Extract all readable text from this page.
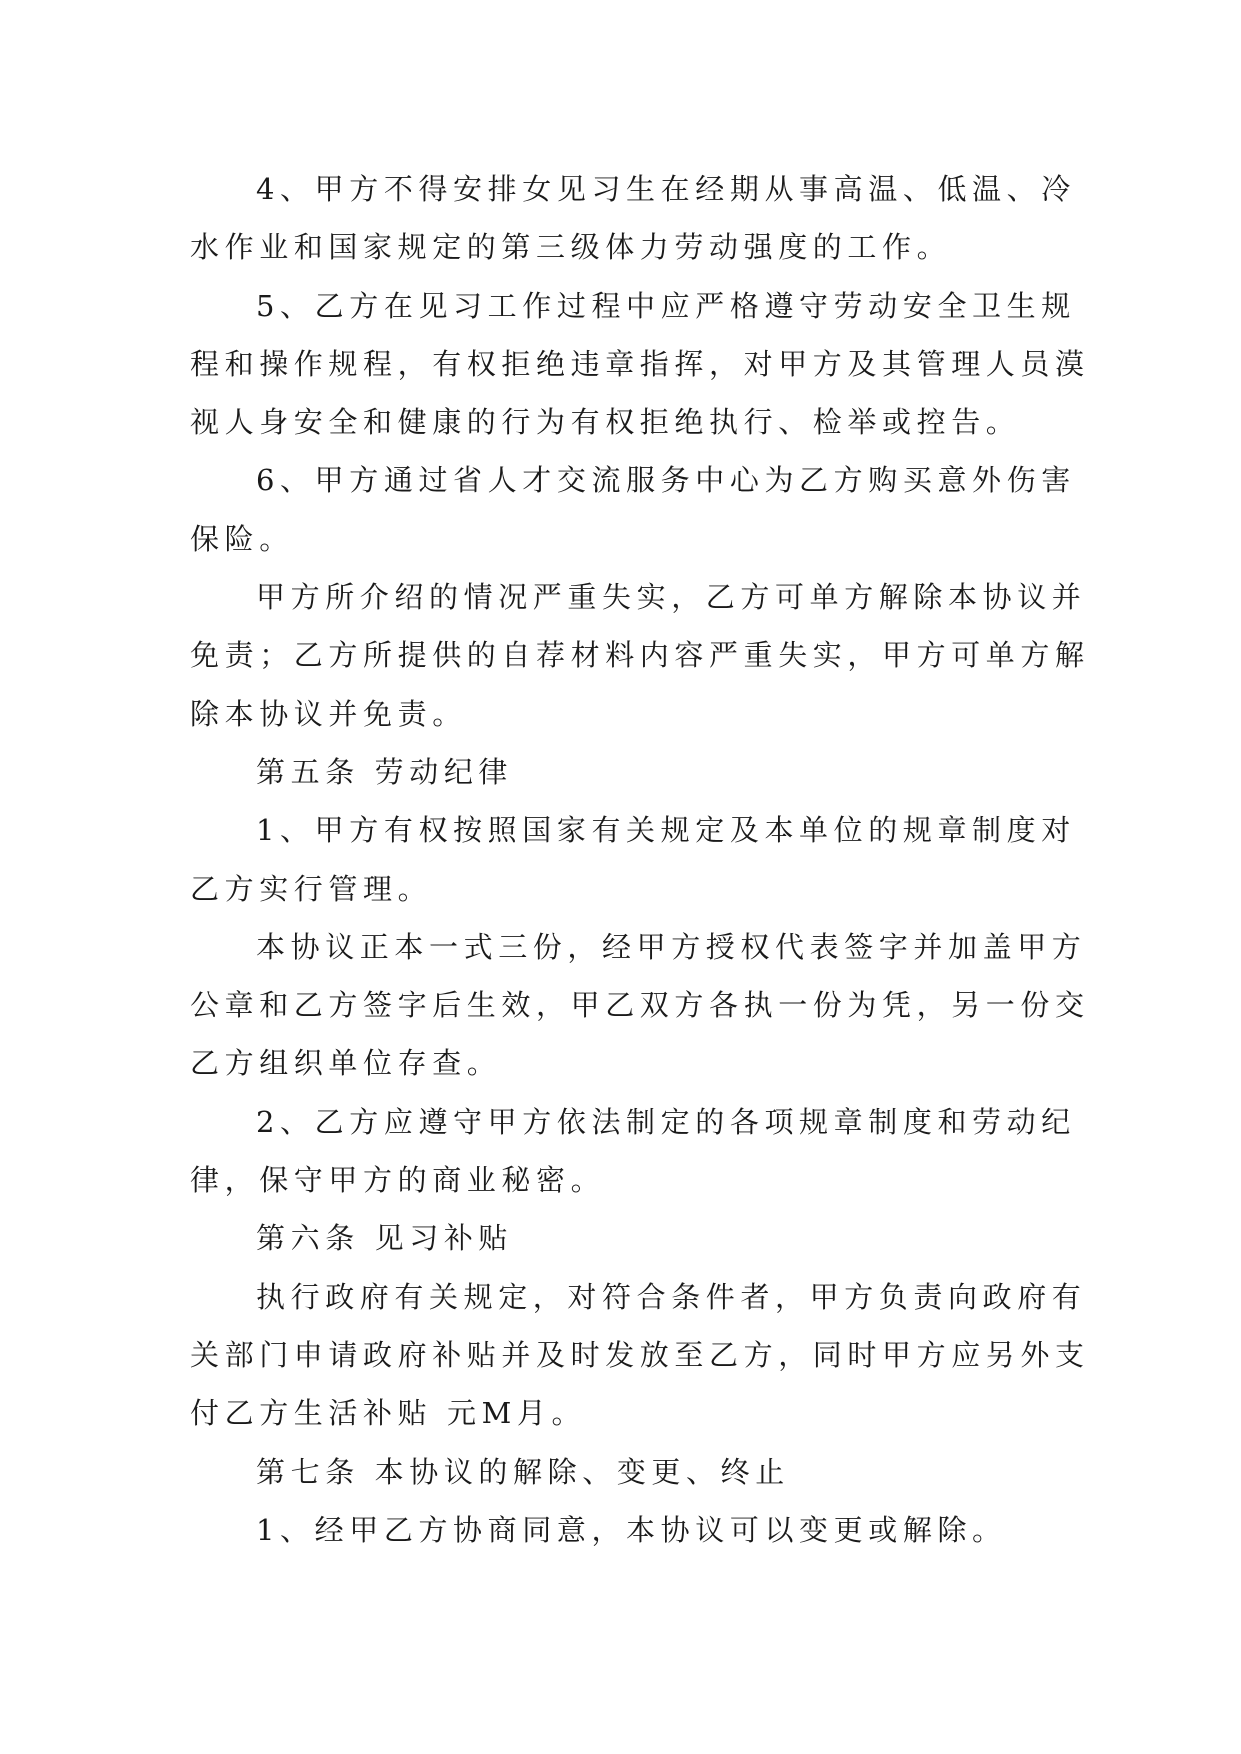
4、甲方不得安排女见习生在经期从事高温、低温、冷
水作业和国家规定的第三级体力劳动强度的工作。

5、乙方在见习工作过程中应严格遵守劳动安全卫生规
程和操作规程，有权拒绝违章指挥，对甲方及其管理人员漠
视人身安全和健康的行为有权拒绝执行、检举或控告。

6、甲方通过省人才交流服务中心为乙方购买意外伤害
保险。

甲方所介绍的情况严重失实，乙方可单方解除本协议并
免责；乙方所提供的自荐材料内容严重失实，甲方可单方解
除本协议并免责。

第五条 劳动纪律

1、甲方有权按照国家有关规定及本单位的规章制度对
乙方实行管理。

本协议正本一式三份，经甲方授权代表签字并加盖甲方
公章和乙方签字后生效，甲乙双方各执一份为凭，另一份交
乙方组织单位存查。

2、乙方应遵守甲方依法制定的各项规章制度和劳动纪
律，保守甲方的商业秘密。

第六条 见习补贴

执行政府有关规定，对符合条件者，甲方负责向政府有
关部门申请政府补贴并及时发放至乙方，同时甲方应另外支
付乙方生活补贴 元M月。

第七条 本协议的解除、变更、终止

1、经甲乙方协商同意，本协议可以变更或解除。
